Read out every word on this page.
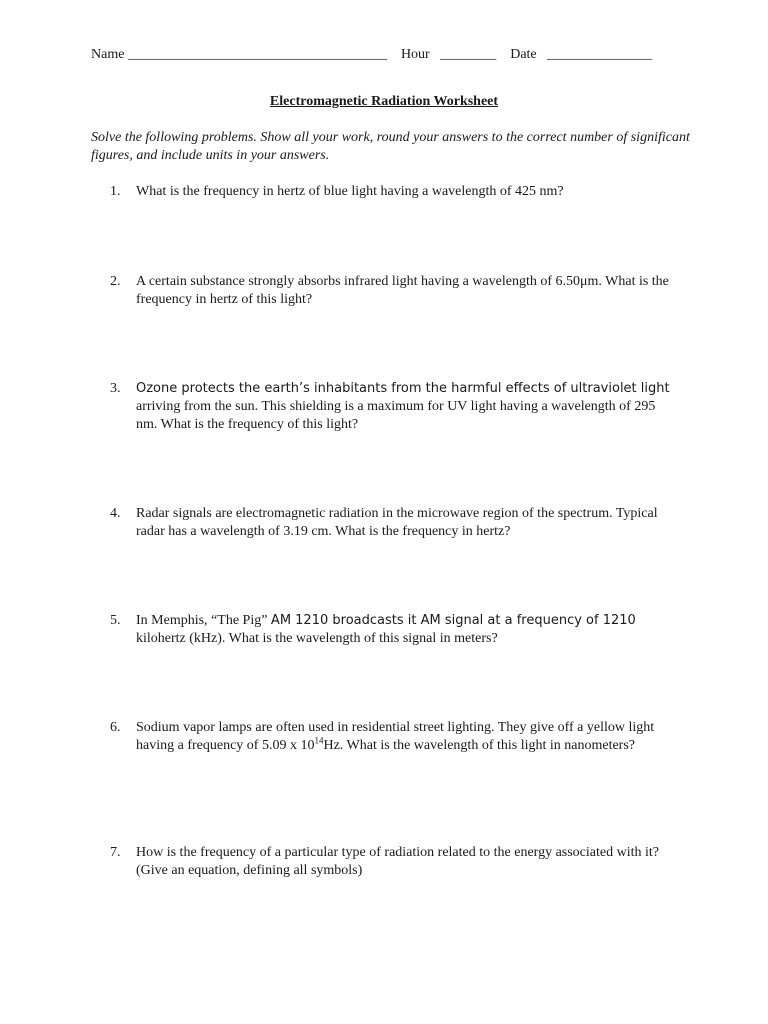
Name _____________________________________ Hour ________ Date _______________
Electromagnetic Radiation Worksheet
Solve the following problems. Show all your work, round your answers to the correct number of significant figures, and include units in your answers.
1.	What is the frequency in hertz of blue light having a wavelength of 425 nm?
2.	A certain substance strongly absorbs infrared light having a wavelength of 6.50μm. What is the frequency in hertz of this light?
3.	Ozone protects the earth’s inhabitants from the harmful effects of ultraviolet light arriving from the sun. This shielding is a maximum for UV light having a wavelength of 295 nm. What is the frequency of this light?
4.	Radar signals are electromagnetic radiation in the microwave region of the spectrum. Typical radar has a wavelength of 3.19 cm. What is the frequency in hertz?
5.	In Memphis, “The Pig” AM 1210 broadcasts it AM signal at a frequency of 1210 kilohertz (kHz). What is the wavelength of this signal in meters?
6.	Sodium vapor lamps are often used in residential street lighting. They give off a yellow light having a frequency of 5.09 x $10^{14}Hz$. What is the wavelength of this light in nanometers?
7.	How is the frequency of a particular type of radiation related to the energy associated with it? (Give an equation, defining all symbols)
